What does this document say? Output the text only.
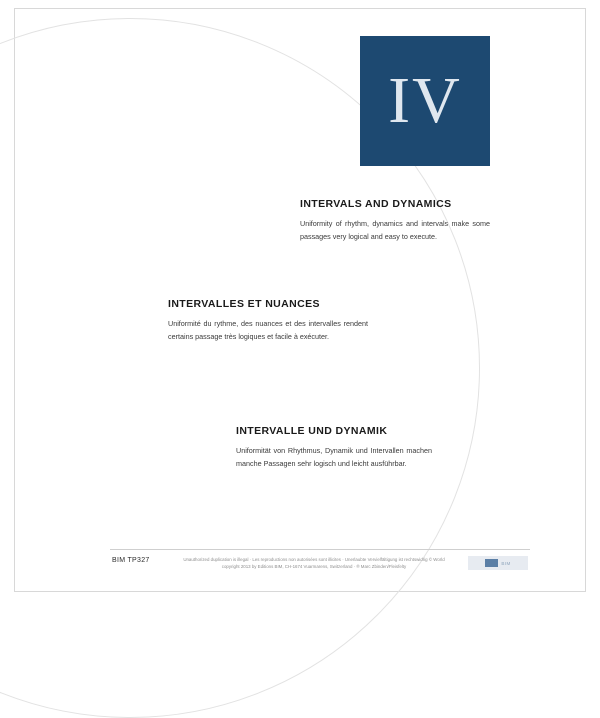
IV
INTERVALS AND DYNAMICS

Uniformity of rhythm, dynamics and intervals make some passages very logical and easy to execute.

INTERVALLES ET NUANCES

Uniformité du rythme, des nuances et des intervalles rendent certains passage très logiques et facile à exécuter.

INTERVALLE UND DYNAMIK

Uniformität von Rhythmus, Dynamik und Intervallen machen manche Passagen sehr logisch und leicht ausführbar.

BIM TP327	Unauthorized duplication is illegal · Les reproductions non autorisées sont illicites · Unerlaubte Vervielfältigung ist rechtswidrig © World copyright 2013 by Editions BIM, CH-1674 Vuarmarens, Switzerland · ® Marc Zbinden/Fleisfelty
BIM
